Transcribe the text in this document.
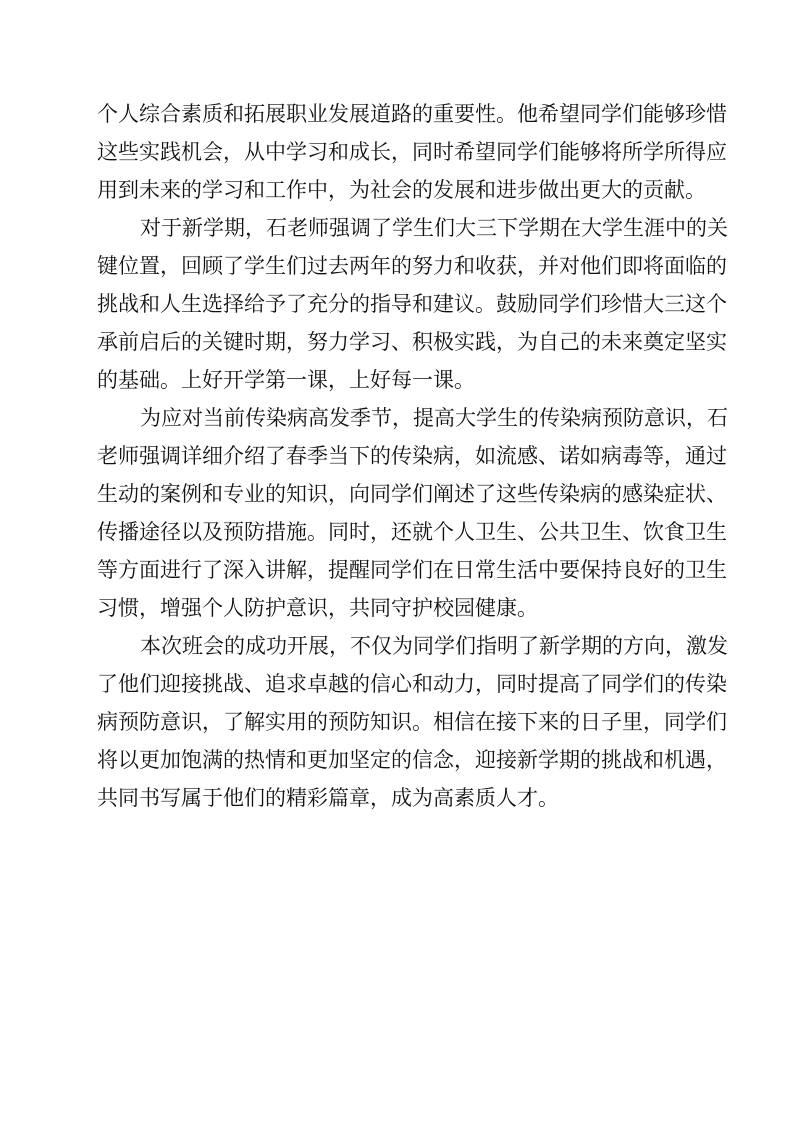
个人综合素质和拓展职业发展道路的重要性。他希望同学们能够珍惜
这些实践机会，从中学习和成长，同时希望同学们能够将所学所得应
用到未来的学习和工作中，为社会的发展和进步做出更大的贡献。
对于新学期，石老师强调了学生们大三下学期在大学生涯中的关
键位置，回顾了学生们过去两年的努力和收获，并对他们即将面临的
挑战和人生选择给予了充分的指导和建议。鼓励同学们珍惜大三这个
承前启后的关键时期，努力学习、积极实践，为自己的未来奠定坚实
的基础。上好开学第一课，上好每一课。
为应对当前传染病高发季节，提高大学生的传染病预防意识，石
老师强调详细介绍了春季当下的传染病，如流感、诺如病毒等，通过
生动的案例和专业的知识，向同学们阐述了这些传染病的感染症状、
传播途径以及预防措施。同时，还就个人卫生、公共卫生、饮食卫生
等方面进行了深入讲解，提醒同学们在日常生活中要保持良好的卫生
习惯，增强个人防护意识，共同守护校园健康。
本次班会的成功开展，不仅为同学们指明了新学期的方向，激发
了他们迎接挑战、追求卓越的信心和动力，同时提高了同学们的传染
病预防意识，了解实用的预防知识。相信在接下来的日子里，同学们
将以更加饱满的热情和更加坚定的信念，迎接新学期的挑战和机遇，
共同书写属于他们的精彩篇章，成为高素质人才。
